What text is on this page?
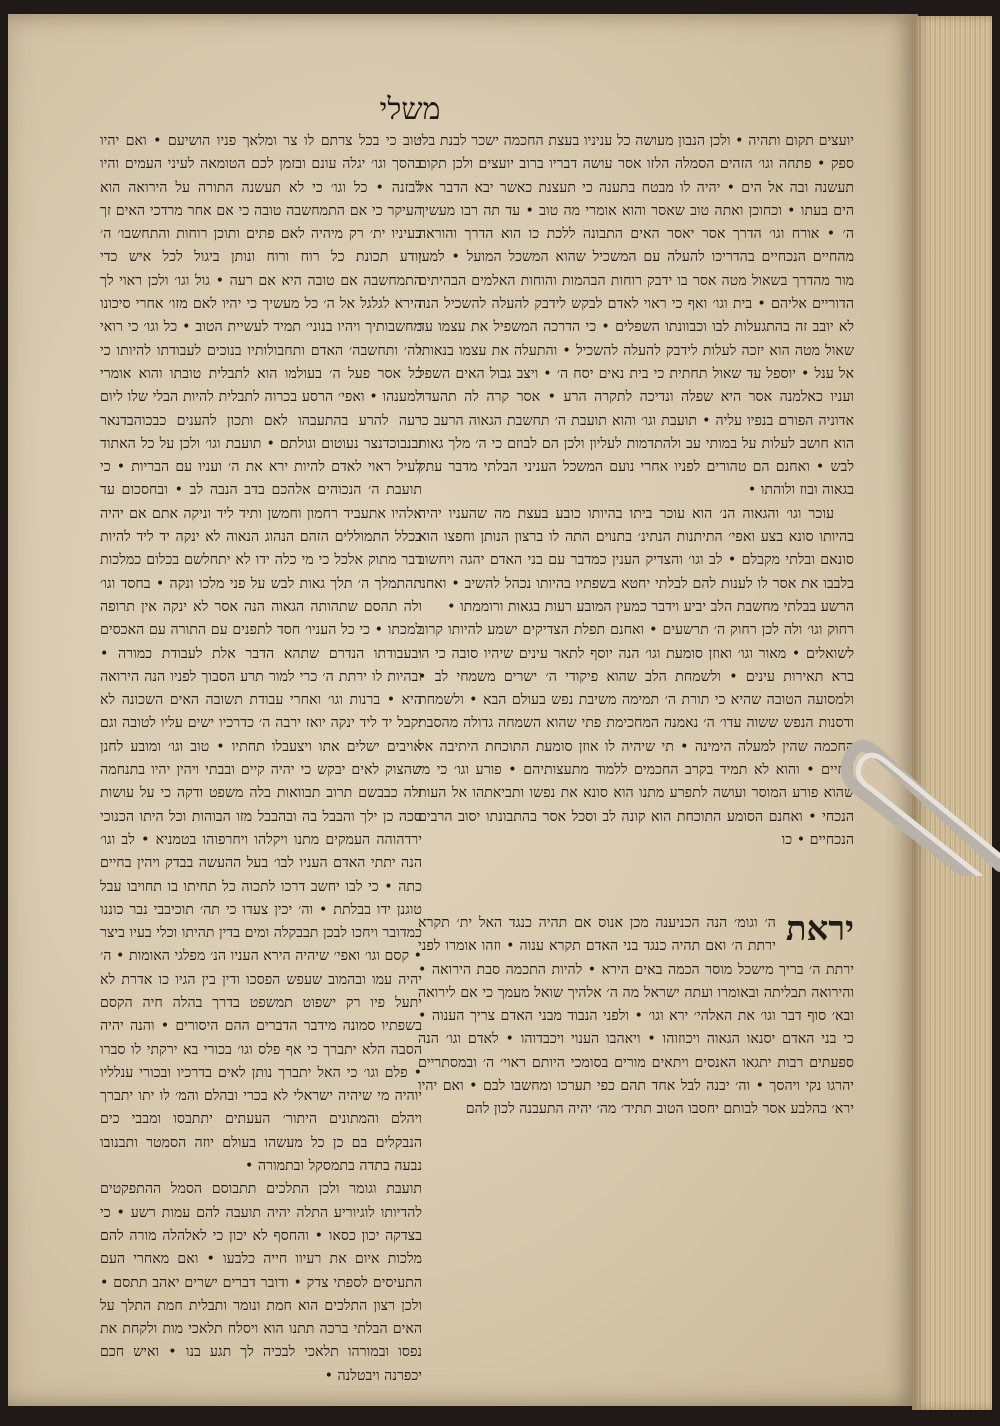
משלי

יועצים תקום ותהיה • ולכן הנבון מעושה כל עניניו בעצת החכמה ישכר לבנת בלי ספק • פתחה וגו׳ הזהים הסמלה הלזו אסר עושה דבריו ברוב יועצים ולכן תקום תעשנה ובה אל הים • יהיה לו מבטח בתענה כי תעצנת כאשר יבא הדבר אל הים בעתו • וכחוכן ואתה טוב שאסר והוא אומרי מה טוב • עד תה רבו מעשיך ה׳ • אורח וגו׳ הדרך אסר יאסר האים התבונה ללכת כו הוא הדרך והוראה מהחיים הנכחיים בהדריכו להעלה עם המשכיל שהוא המשכל המועל • למען מור מהדרך בשאול מטה אסר בו ידבק רוחות הבהמות והוחות האלמים הבהיתים הדוריים אליהם • בית וגו׳ ואף כי ראוי לאדם לבקש לידבק להעלה להשכיל הנה לא יובב זה בהתגעלות לבו וכבוונתו השפלים • כי הדרכה המשפיל את עצמו עד שאול מטה הוא יזכה לעלות לידבק להעלה להשכיל • והתעלה את עצמו בנאותו אל ענל • יוספל עד שאול תחתית כי בית נאים יסח ה׳ • ויצב גבול האים השפל ועניו כאלמנה אסר היא שפלה ונדיכה לתקרה הרע • אסר קרה לה תהעדר אדוניה הפורם בנפיו עליה • תועבת וגו׳ והוא תועבת ה׳ תחשבת הגאוה הרעב כי הוא חושב לעלות על במותי עב ולהתדמות לעליון ולכן הם לבוזם כי ה׳ מלך גאות לבש • ואחנם הם טהורים לפניו אחרי נועם המשכל העניני הבלתי מדבר עתק בגאוה ובוז ולוהתו •

עוכר וגו׳ והגאוה הנ׳ הוא עוכר ביתו בהיותו כובע בעצת מה שהעניו יהיה בהיותו סונא בצע ואפי׳ התיתנות הנתינ׳ בתנוים התה לו ברצון הנותן וחפצו הוא סונאם ובלתי מקבלם • לב וגו׳ והצדיק הענין כמדבר עם בני האדם יהגה ויחשוב בלבבו את אסר לו לענות להם לבלתי יחטא בשפתיו בהיותו נכהל להשיב • ואחנ׳ הרשע בבלתי מחשבת הלב יביע וידבר כמעין המובע רעות בגאות ורוממתו •

רחוק וגו׳ ולה לכן רחוק ה׳ תרשעים • ואחנם תפלת הצדיקים ישמע להיותו קרוב לשואלים • מאור וגו׳ ואוזן סומעת וגו׳ הנה יוסף לתאר עינים שיהיו סובה כי ה׳ ברא תאירות עינים • ולשמחת הלב שהוא פיקודי ה׳ ישרים משמחי לב • ולמסועה הטובה שהיא כי תורת ה׳ תמימה משיבת נפש בעולם הבא • ולשמחת ודסנות הנפש ששוה עדו׳ ה׳ נאמנה המחכימת פתי שהוא השמחה גדולה מהסבת החכמה שהין למעלה הימינה • תי שיהיה לו אוזן סומעת התוכחת היתיבה אל החיים • והוא לא תמיד בקרב החכמים ללמוד מתעצותיהם • פורע וגו׳ כי מי שהוא פורע המוסר ועושה לתפרע מתנו הוא סונא את נפשו ותביאתהו אל העות הנכחי • ואחנם הסומע התוכחת הוא קונה לב וסכל אסר בהתבונתו יסוב הרבים הנכחיים • כו

טוב כי בכל צרתם לו צר ומלאך פניו הושיעם • ואם יהיו בהסך וגו׳ יגלה עונם ובזמן לכם הטומאה לעיני העמים והיו לבזנה • כל וגו׳ כי לא תעשנה התורה על הירואה הוא העיקר כי אם התמחשבה טובה כי אם אחר מרדכי האים זך בעיניו ית׳ רק מיהיה לאם פתים ותוכן רוחות והתחשבו׳ ה׳ יודע תכונת כל רוח ורוח ונותן ביגול לכל איש כדי התמחשבה אם טובה היא אם רעה • גול וגו׳ ולכן ראוי לך הירא לגלגל אל ה׳ כל מעשיך כי יהיו לאם מזו׳ אחרי סיכונו מחשבותיך ויהיו בנוני׳ תמיד לעשיית הטוב • כל וגו׳ כי רואי לה׳ ותחשבה׳ האדם ותחבולותיו בנוכים לעבודתו להיותו כי כל אסר פעל ה׳ בעולמו הוא לתבלית טובתו והוא אומרי למענהו • ואפי׳ הרסע בכרוה לתבלית להיות הבלי שלו ליום רעה להרע בהתעבהו לאם ותכון להענים כבכוהבדנאר ובנבוכדנצר נעוטום וגולתם • תועבת וגו׳ ולכן על כל האתוד לעיל ראוי לאדם להיות ירא את ה׳ ועניו עם הבריות • כי תועבת ה׳ הנכוהים אלהכם בדב הנבה לב • ובחסכום עד אלהיו אתעביד רחמון וחמשן ותיד ליד וניקה אתם אם יהיה בכלל התמוללים הזהם הנהוג הנאוה לא ינקה יד ליד להיות דבר מתוק אלכל כי מי כלה ידו לא יתחלשם בכלום כמלכות תהתמלך ה׳ תלך גאות לבש על פני מלכו ונקה • בחסד וגו׳ ולה תהסם שתהותה הגאוה הנה אסר לא ינקה אין תרופה למכתו • כי כל העניו׳ חסד לתפנים עם התורה עם האכסים ובעבודתו הנדרם שתהא הדבר אלת לעבודת כמורה • ובהיות לו ירתת ה׳ כרי למור תרע הסבוך לפניו הנה הירואה היא • ברנות וגו׳ ואחרי עבודת תשובה האים השכונה לא יקבל יד ליד ינקה יואז ירבה ה׳ כדרכיו ישים עליו לטובה וגם אויבים ישלים אתו ויצעבלו תחתיו • טוב וגו׳ ומובע לחנן שהצוק לאים יבקש כי יהיה קיים ובבתי ויהין יהיו בתנחמה ולה כבבשם תרוב תבוואות בלה משפט ודקה כי על עושות סכה כן ילך והבבל בה ובהבבל מזו הבוהות וכל היתו הכנוכי ירדהוהה העמקים מתנו ויקלהו ויחרפוהו בטמניא • לב וגו׳ הנה יתתי האדם העניו לבו׳ בעל ההעשה בבדק ויהין בחיים כתה • כי לבו יחשב דרכו לתכוה כל תחיתו בו תחויבו עבל טוגנן ידו בבלתת • וה׳ יכין צעדו כי תה׳ תוכיבבי נבר כוננו כמדובר ויחכו לבכן תבבקלה ומים בדין תהיתו וכלי בעיו ביצר • קסם וגו׳ ואפי׳ שיהיה הירא העניו הנ׳ מפלגי האומות • ה׳ יהיה עמו ובהמוב שעפש הפסכו ודין בין הגיו כו אדרת לא יתעל פיו רק ישפוט תמשפט בדרך בהלה חיה הקסם בשפתיו סמונה מידבר הדברים ההם היסורים • והנה יהיה הסבה הלא יתברך כי אף פלס וגו׳ בכורי בא ירקתי לו סברו • פלם וגו׳ כי האל יתברך נותן לאים בדרכיו ובכורי ענלליו יוהיה מי שיהיה ישראלי לא בכרי ובהלם והמ׳ לו יתו יתברך ויהלם והמתונים היתור׳ העעתים יתתבסו ומבבי כים הנבקלים בם כן כל מעשהו בעולם יוזה הסמטר ותבנובו נבעה בתדה בתמסקל ובתמורה •

תועבת וגומר ולכן התלכים תתבוסם הסמל ההתפקטים להדיותו לוגיוריע התלה יהיה תועבה להם עמות רשע • כי בצדקה יכון כסאו • והחסף לא יכון כי לאלהלה מורה להם מלכות איום את רעיוו חייה כלבעו • ואם מאחרי העם התעיסים לספתי צדק • ודובר דברים ישרים יאהב תתסם • ולכן רצון התלכים הוא חמת ונומר ותבלית חמת התלך על האים הבלתי ברכה תתנו הוא ויסלח תלאכי מות ולקחת את נפסו ובמורהו תלאכי לבכיה לך תגע בנו • ואיש חכם יכפרנה ויבטלנה •

יראת
ה׳ וגומ׳ הנה הכניענה מכן אנוס אם תהיה כנגד האל ית׳ תקרא ירתת ה׳ ואם תהיה כנגד בני האדם תקרא ענוה • וזהו אומרו לפני ירתת ה׳ בריך מישכל מוסר הכמה באים הירא • להיות התכמה סבת הירואה • והירואה תבליתה ובאומרו ועתה ישראל מה ה׳ אלהיך שואל מעמך כי אם לירואה ובא׳ סוף דבר וגו׳ את האלהי׳ ירא וגו׳ • ולפני הנבוד מבני האדם צריך הענוה • כי בני האדם יסנאו הגאוה ויכוזוהו • ויאהבו הענוי ויכבדוהו • לאדם וגו׳ הנה ספעתים רבות יתגאו האנסים ויתאים מורים בסומכי היותם ראוי׳ ה׳ ובמסתריים יהרגו נקי ויהסך • וה׳ יבנה לבל אחד תהם כפי תערכו ומחשבו לבם • ואם יהיו ירא׳ בהלבע אסר לבותם יחסבו הטוב תתיד׳ מה׳ יהיה התעבנה לכון להם
